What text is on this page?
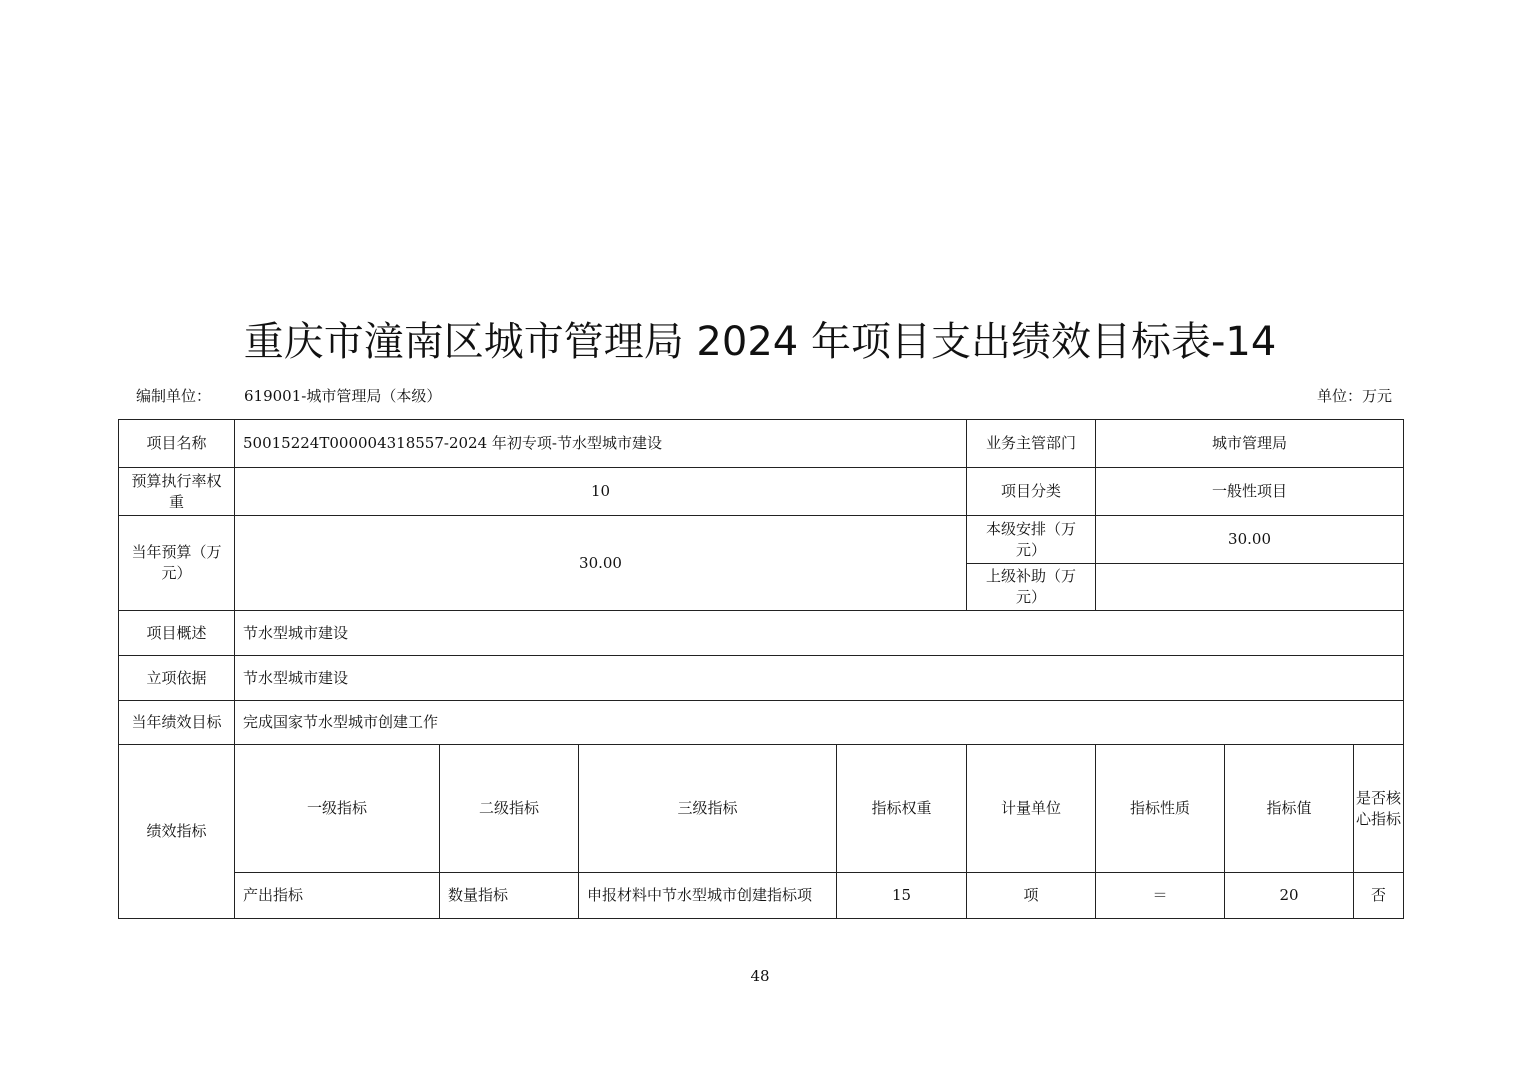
重庆市潼南区城市管理局 2024 年项目支出绩效目标表-14
编制单位： 619001-城市管理局（本级）	单位：万元
项目名称	50015224T000004318557-2024 年初专项-节水型城市建设				业务主管部门	城市管理局		
预算执行率权重	10				项目分类	一般性项目		
当年预算（万元）	30.00				本级安排（万元）	30.00		
					上级补助（万元）			
项目概述	节水型城市建设							
立项依据	节水型城市建设							
当年绩效目标	完成国家节水型城市创建工作							
绩效指标	一级指标	二级指标	三级指标	指标权重	计量单位	指标性质	指标值	是否核心指标
	产出指标	数量指标	申报材料中节水型城市创建指标项	15	项	＝	20	否
48
